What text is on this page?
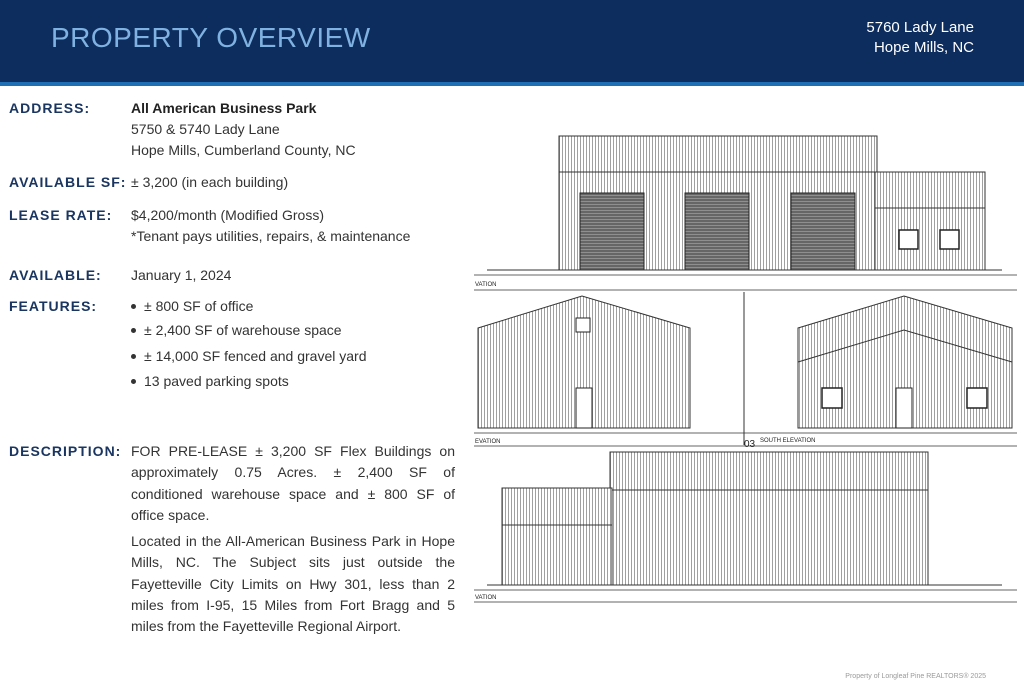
PROPERTY OVERVIEW	5760 Lady Lane
Hope Mills, NC
ADDRESS:	All American Business Park
5750 & 5740 Lady Lane
Hope Mills, Cumberland County, NC
AVAILABLE SF: ± 3,200 (in each building)
LEASE RATE: $4,200/month (Modified Gross)
*Tenant pays utilities, repairs, & maintenance
AVAILABLE: January 1, 2024
FEATURES:	± 800 SF of office
± 2,400 SF of warehouse space
± 14,000 SF fenced and gravel yard
13 paved parking spots
DESCRIPTION: FOR PRE-LEASE ± 3,200 SF Flex Buildings on approximately 0.75 Acres. ± 2,400 SF of conditioned warehouse space and ± 800 SF of office space.
Located in the All-American Business Park in Hope Mills, NC. The Subject sits just outside the Fayetteville City Limits on Hwy 301, less than 2 miles from I-95, 15 Miles from Fort Bragg and 5 miles from the Fayetteville Regional Airport.
VATION
EVATION	03 SOUTH ELEVATION
VATION
Property of Longleaf Pine REALTORS® 2025
